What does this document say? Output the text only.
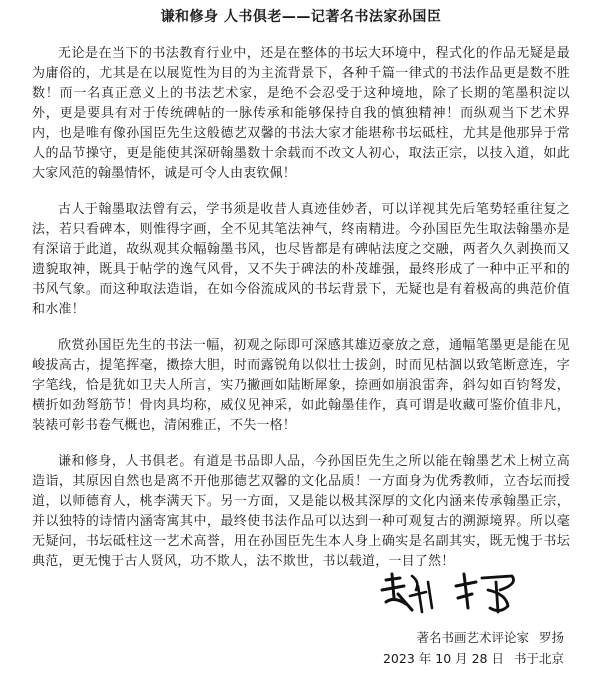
谦和修身 人书俱老——记著名书法家孙国臣

无论是在当下的书法教育行业中，还是在整体的书坛大环境中，程式化的作品无疑是最为庸俗的，尤其是在以展览性为目的为主流背景下，各种千篇一律式的书法作品更是数不胜数！而一名真正意义上的书法艺术家，是绝不会忍受于这种境地，除了长期的笔墨积淀以外，更是要具有对于传统碑帖的一脉传承和能够保持自我的慎独精神！而纵观当下艺术界内，也是唯有像孙国臣先生这般德艺双馨的书法大家才能堪称书坛砥柱，尤其是他那异于常人的品节操守，更是能使其深研翰墨数十余载而不改文人初心，取法正宗，以技入道，如此大家风范的翰墨情怀，诚是可令人由衷钦佩！

古人于翰墨取法曾有云，学书须是收昔人真迹佳妙者，可以详视其先后笔势轻重往复之法，若只看碑本，则惟得字画，全不见其笔法神气，终南精进。今孙国臣先生取法翰墨亦是有深谙于此道，故纵观其众幅翰墨书风，也尽皆都是有碑帖法度之交融，两者久久剥换而又遗貌取神，既具于帖学的逸气风骨，又不失于碑法的朴茂雄强，最终形成了一种中正平和的书风气象。而这种取法造诣，在如今俗流成风的书坛背景下，无疑也是有着极高的典范价值和水准！

欣赏孙国臣先生的书法一幅，初观之际即可深感其雄迈豪放之意，通幅笔墨更是能在见峻拔高古，提笔挥毫，擞捺大胆，时而露锐角以似壮士拔剑，时而见枯涸以致笔断意连，字字笔线，恰是犹如卫夫人所言，实乃撇画如陆断犀象，捺画如崩浪雷奔，斜勾如百钧弩发，横折如劲弩筋节！骨肉具均称，威仪见神采，如此翰墨佳作，真可谓是收藏可鉴价值非凡，装裱可彰书卷气概也，清闲雅正，不失一格！

谦和修身，人书俱老。有道是书品即人品，今孙国臣先生之所以能在翰墨艺术上树立高造诣，其原因自然也是离不开他那德艺双馨的文化品质！一方面身为优秀教师，立杏坛而授道，以师德育人，桃李满天下。另一方面，又是能以极其深厚的文化内涵来传承翰墨正宗，并以独特的诗情内涵寄寓其中，最终使书法作品可以达到一种可观复古的溯源境界。所以毫无疑问，书坛砥柱这一艺术高誉，用在孙国臣先生本人身上确实是名副其实，既无愧于书坛典范，更无愧于古人贤风，功不欺人，法不欺世，书以载道，一目了然！

著名书画艺术评论家 罗扬
2023 年 10 月 28 日 书于北京
